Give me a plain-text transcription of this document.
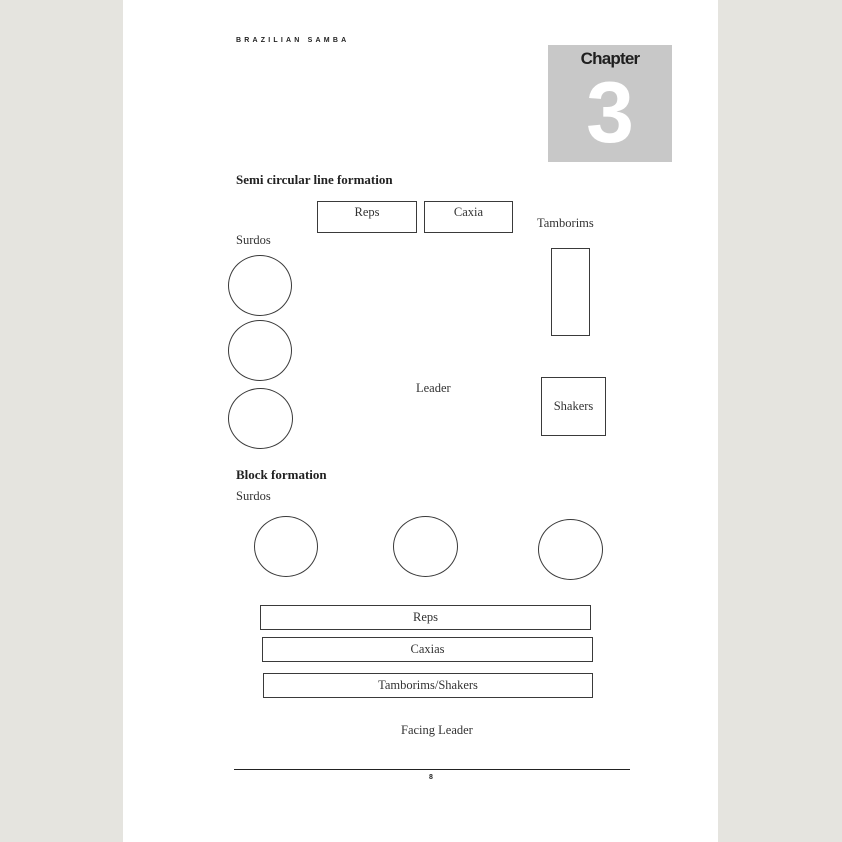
BRAZILIAN SAMBA
Chapter
3
Semi circular line formation
Reps	Caxia
Tamborims
Surdos
Leader
Shakers
Block formation
Surdos
Reps
Caxias
Tamborims/Shakers
Facing Leader
8
